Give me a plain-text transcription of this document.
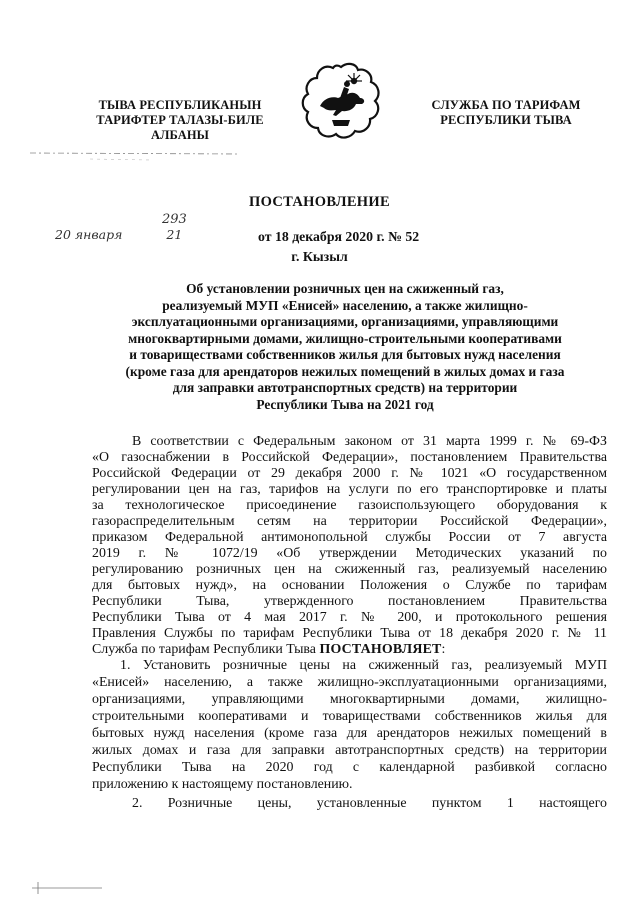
ТЫВА РЕСПУБЛИКАНЫН
ТАРИФТЕР ТАЛАЗЫ-БИЛЕ
АЛБАНЫ
СЛУЖБА ПО ТАРИФАМ
РЕСПУБЛИКИ ТЫВА
ПОСТАНОВЛЕНИЕ
293
20 января	21	от 18 декабря 2020 г. № 52
г. Кызыл
Об установлении розничных цен на сжиженный газ,
реализуемый МУП «Енисей» населению, а также жилищно-
эксплуатационными организациями, организациями, управляющими
многоквартирными домами, жилищно-строительными кооперативами
и товариществами собственников жилья для бытовых нужд населения
(кроме газа для арендаторов нежилых помещений в жилых домах и газа
для заправки автотранспортных средств) на территории
Республики Тыва на 2021 год
В соответствии с Федеральным законом от 31 марта 1999 г. № 69-ФЗ
«О газоснабжении в Российской Федерации», постановлением Правительства
Российской Федерации от 29 декабря 2000 г. № 1021 «О государственном
регулировании цен на газ, тарифов на услуги по его транспортировке и платы
за технологическое присоединение газоиспользующего оборудования к
газораспределительным сетям на территории Российской Федерации»,
приказом Федеральной антимонопольной службы России от 7 августа
2019 г. № 1072/19 «Об утверждении Методических указаний по
регулированию розничных цен на сжиженный газ, реализуемый населению
для бытовых нужд», на основании Положения о Службе по тарифам
Республики Тыва, утвержденного постановлением Правительства
Республики Тыва от 4 мая 2017 г. № 200, и протокольного решения
Правления Службы по тарифам Республики Тыва от 18 декабря 2020 г. № 11
Служба по тарифам Республики Тыва ПОСТАНОВЛЯЕТ:
1. Установить розничные цены на сжиженный газ, реализуемый МУП
«Енисей» населению, а также жилищно-эксплуатационными организациями,
организациями, управляющими многоквартирными домами, жилищно-
строительными кооперативами и товариществами собственников жилья для
бытовых нужд населения (кроме газа для арендаторов нежилых помещений в
жилых домах и газа для заправки автотранспортных средств) на территории
Республики Тыва на 2020 год с календарной разбивкой согласно
приложению к настоящему постановлению.
2. Розничные цены, установленные пунктом 1 настоящего
